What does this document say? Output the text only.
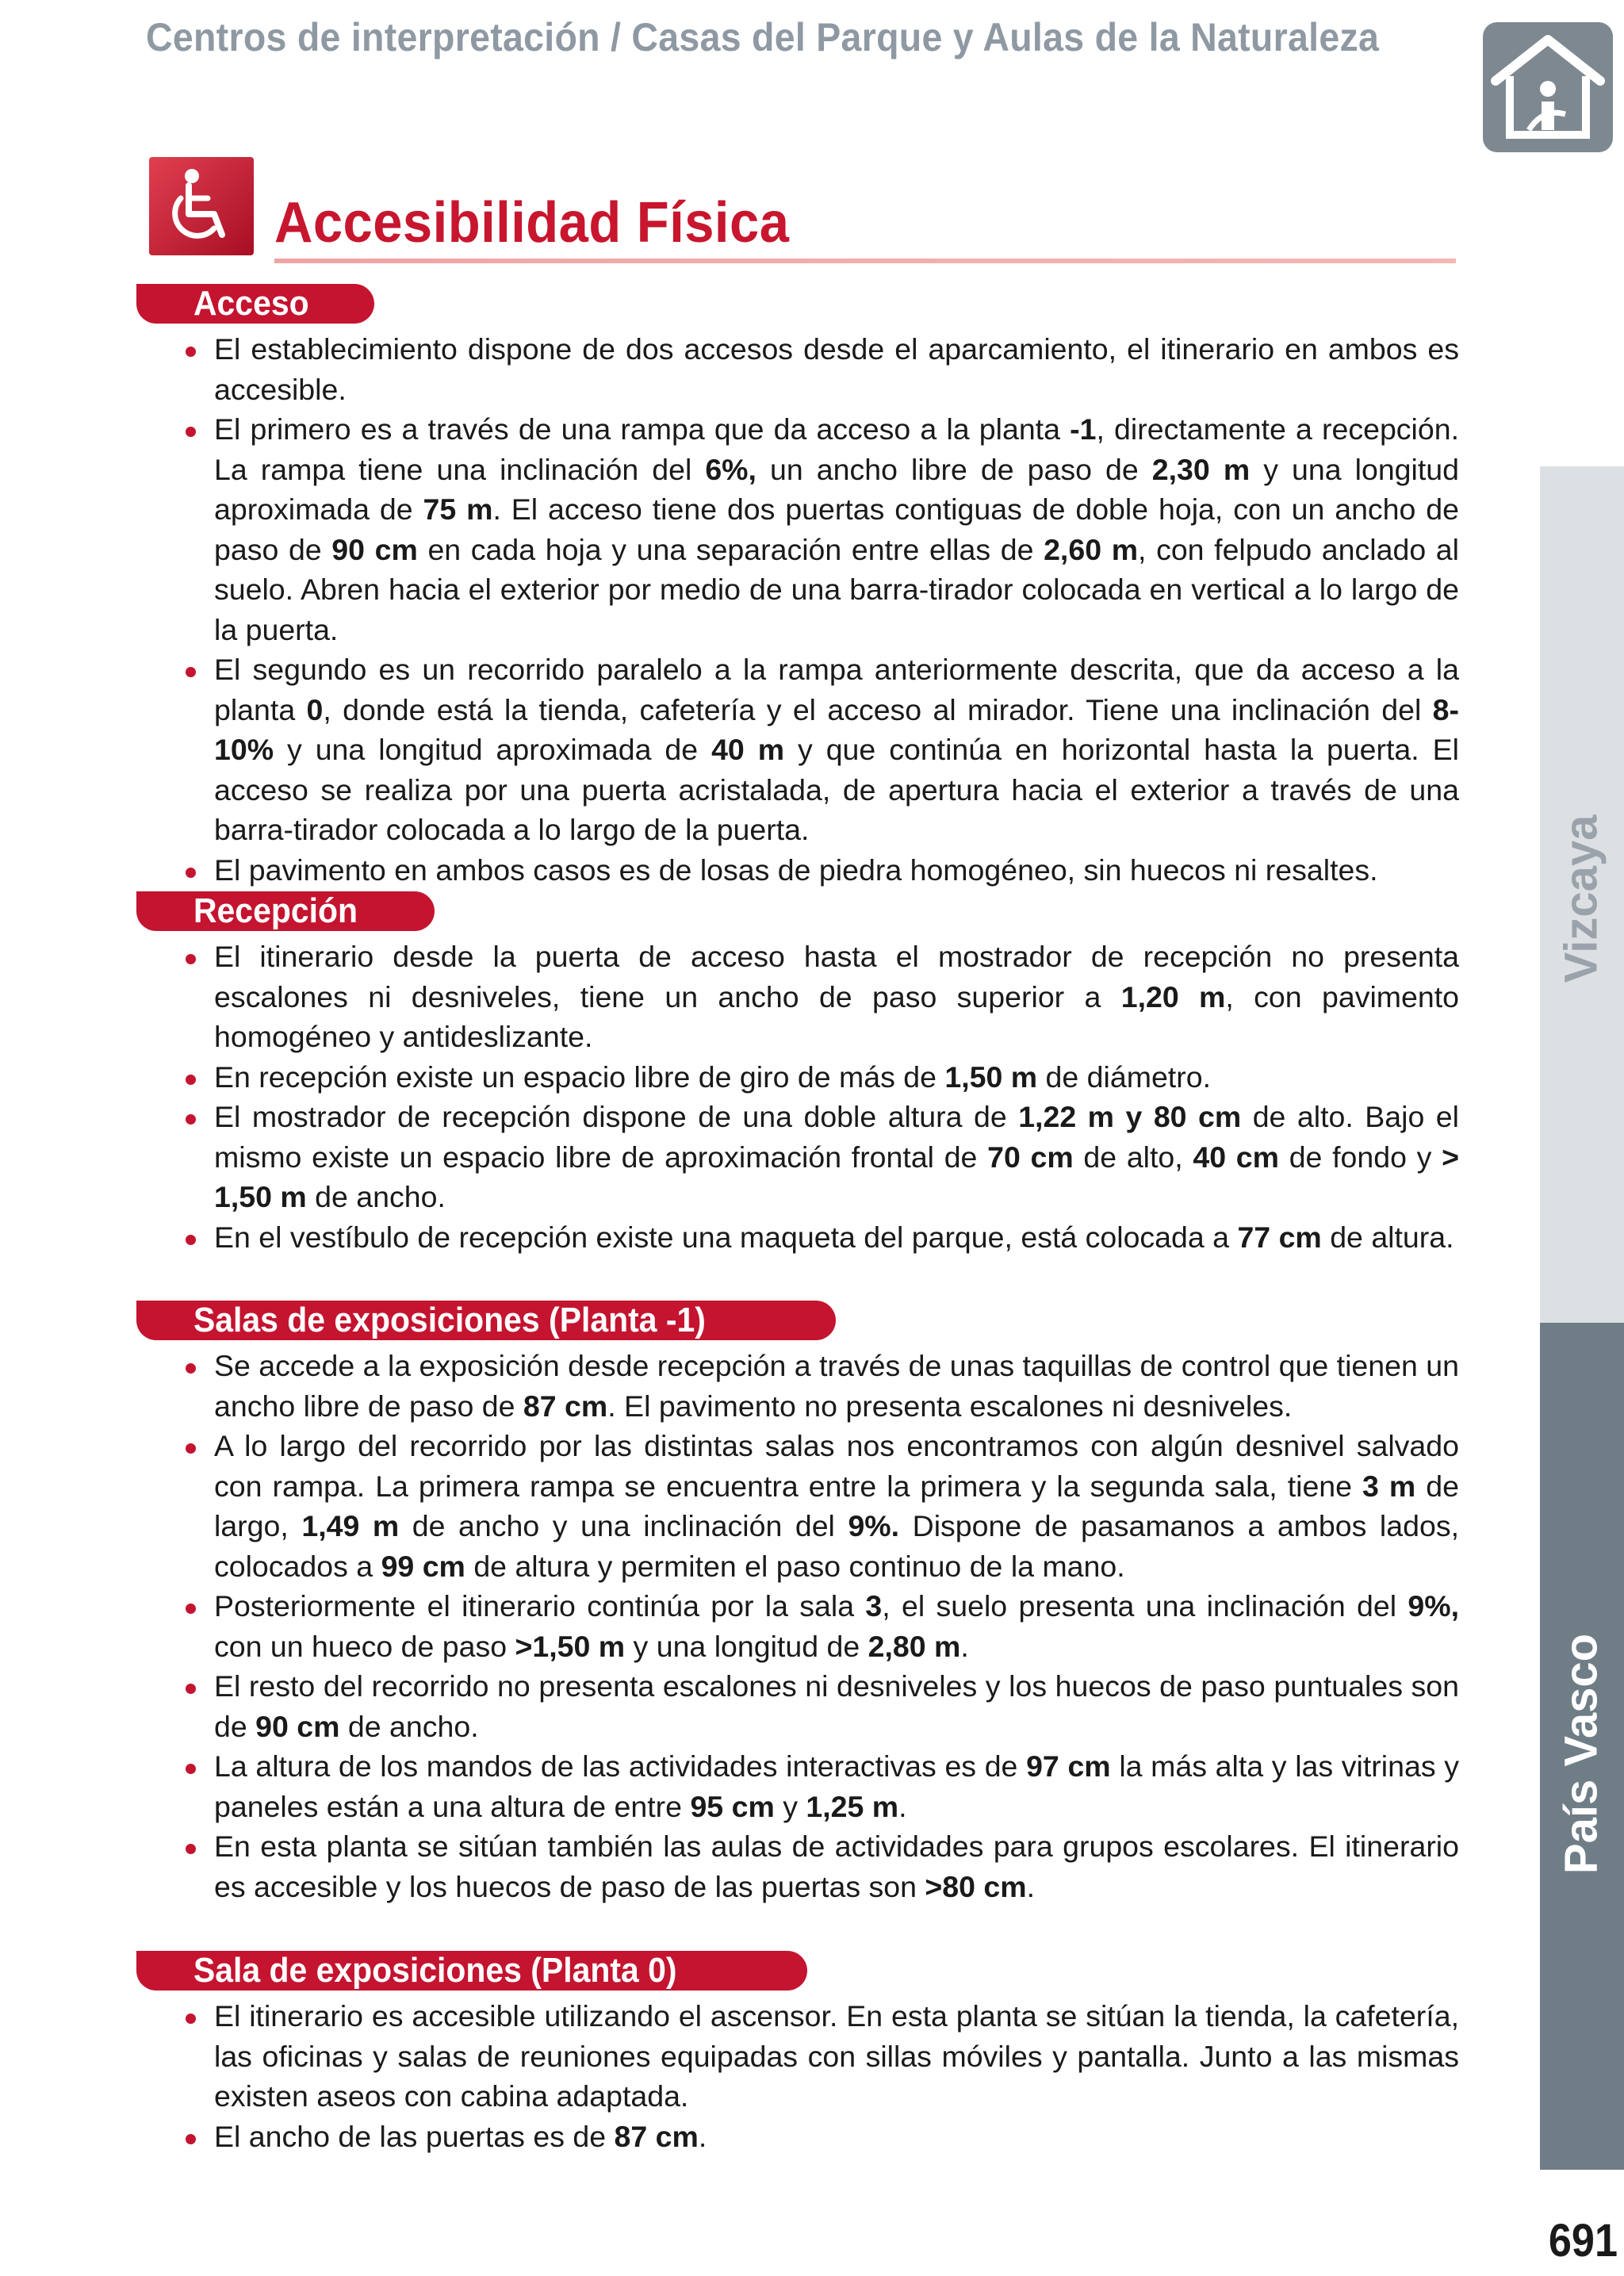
Centros de interpretación / Casas del Parque y Aulas de la Naturaleza
Accesibilidad Física
Acceso
Recepción
Salas de exposiciones (Planta -1)
Sala de exposiciones (Planta 0)
El establecimiento dispone de dos accesos desde el aparcamiento, el itinerario en ambos es accesible.
El primero es a través de una rampa que da acceso a la planta -1, directamente a recepción. La rampa tiene una inclinación del 6%, un ancho libre de paso de 2,30 m y una longitud aproximada de 75 m. El acceso tiene dos puertas contiguas de doble hoja, con un ancho de paso de 90 cm en cada hoja y una separación entre ellas de 2,60 m, con felpudo anclado al suelo. Abren hacia el exterior por medio de una barra-tirador colocada en vertical a lo largo de la puerta.
El segundo es un recorrido paralelo a la rampa anteriormente descrita, que da acceso a la planta 0, donde está la tienda, cafetería y el acceso al mirador. Tiene una inclinación del 8-10% y una longitud aproximada de 40 m y que continúa en horizontal hasta la puerta. El acceso se realiza por una puerta acristalada, de apertura hacia el exterior a través de una barra-tirador colocada a lo largo de la puerta.
El pavimento en ambos casos es de losas de piedra homogéneo, sin huecos ni resaltes.
El itinerario desde la puerta de acceso hasta el mostrador de recepción no presenta escalones ni desniveles, tiene un ancho de paso superior a 1,20 m, con pavimento homogéneo y antideslizante.
En recepción existe un espacio libre de giro de más de 1,50 m de diámetro.
El mostrador de recepción dispone de una doble altura de 1,22 m y 80 cm de alto. Bajo el mismo existe un espacio libre de aproximación frontal de 70 cm de alto, 40 cm de fondo y > 1,50 m de ancho.
En el vestíbulo de recepción existe una maqueta del parque, está colocada a 77 cm de altura.
Se accede a la exposición desde recepción a través de unas taquillas de control que tienen un ancho libre de paso de 87 cm. El pavimento no presenta escalones ni desniveles.
A lo largo del recorrido por las distintas salas nos encontramos con algún desnivel salvado con rampa. La primera rampa se encuentra entre la primera y la segunda sala, tiene 3 m de largo, 1,49 m de ancho y una inclinación del 9%. Dispone de pasamanos a ambos lados, colocados a 99 cm de altura y permiten el paso continuo de la mano.
Posteriormente el itinerario continúa por la sala 3, el suelo presenta una inclinación del 9%, con un hueco de paso >1,50 m y una longitud de 2,80 m.
El resto del recorrido no presenta escalones ni desniveles y los huecos de paso puntuales son de 90 cm de ancho.
La altura de los mandos de las actividades interactivas es de 97 cm la más alta y las vitrinas y paneles están a una altura de entre 95 cm y 1,25 m.
En esta planta se sitúan también las aulas de actividades para grupos escolares. El itinerario es accesible y los huecos de paso de las puertas son >80 cm.
El itinerario es accesible utilizando el ascensor. En esta planta se sitúan la tienda, la cafetería, las oficinas y salas de reuniones equipadas con sillas móviles y pantalla. Junto a las mismas existen aseos con cabina adaptada.
El ancho de las puertas es de 87 cm.
Vizcaya
País Vasco
691
